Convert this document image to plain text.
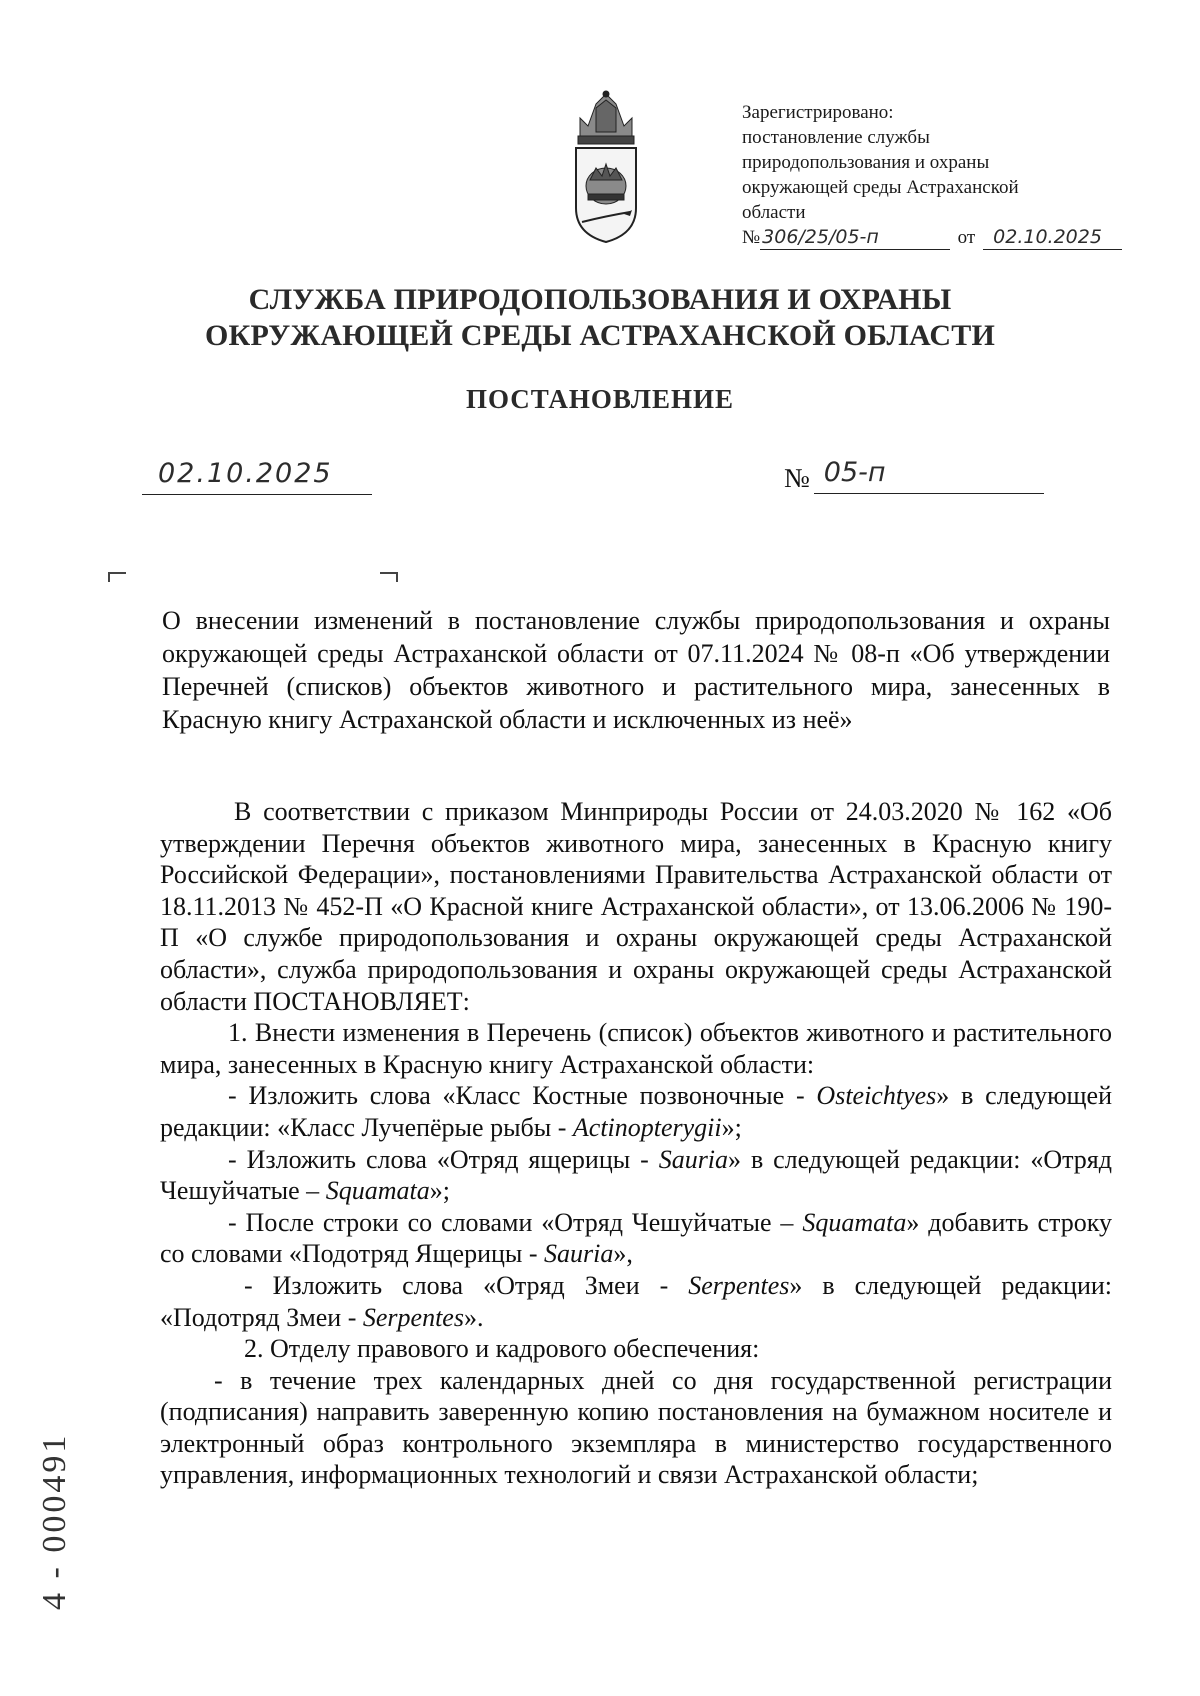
Зарегистрировано:
постановление службы
природопользования и охраны
окружающей среды Астраханской
области
№ 306/25/05-п	от 02.10.2025
СЛУЖБА ПРИРОДОПОЛЬЗОВАНИЯ И ОХРАНЫ
ОКРУЖАЮЩЕЙ СРЕДЫ АСТРАХАНСКОЙ ОБЛАСТИ
ПОСТАНОВЛЕНИЕ
02.10.2025	№ 05-п
О внесении изменений в постановление службы природопользования и охраны окружающей среды Астраханской области от 07.11.2024 № 08-п «Об утверждении Перечней (списков) объектов животного и растительного мира, занесенных в Красную книгу Астраханской области и исключенных из неё»

В соответствии с приказом Минприроды России от 24.03.2020 № 162 «Об утверждении Перечня объектов животного мира, занесенных в Красную книгу Российской Федерации», постановлениями Правительства Астраханской области от 18.11.2013 № 452-П «О Красной книге Астраханской области», от 13.06.2006 № 190-П «О службе природопользования и охраны окружающей среды Астраханской области», служба природопользования и охраны окружающей среды Астраханской области ПОСТАНОВЛЯЕТ:

1. Внести изменения в Перечень (список) объектов животного и растительного мира, занесенных в Красную книгу Астраханской области:

- Изложить слова «Класс Костные позвоночные - Osteichtyes» в следующей редакции: «Класс Лучепёрые рыбы - Actinopterygii»;

- Изложить слова «Отряд ящерицы - Sauria» в следующей редакции: «Отряд Чешуйчатые – Squamata»;

- После строки со словами «Отряд Чешуйчатые – Squamata» добавить строку со словами «Подотряд Ящерицы - Sauria»,

- Изложить слова «Отряд Змеи - Serpentes» в следующей редакции: «Подотряд Змеи - Serpentes».

2. Отделу правового и кадрового обеспечения:

- в течение трех календарных дней со дня государственной регистрации (подписания) направить заверенную копию постановления на бумажном носителе и электронный образ контрольного экземпляра в министерство государственного управления, информационных технологий и связи Астраханской области;

4 - 000491
